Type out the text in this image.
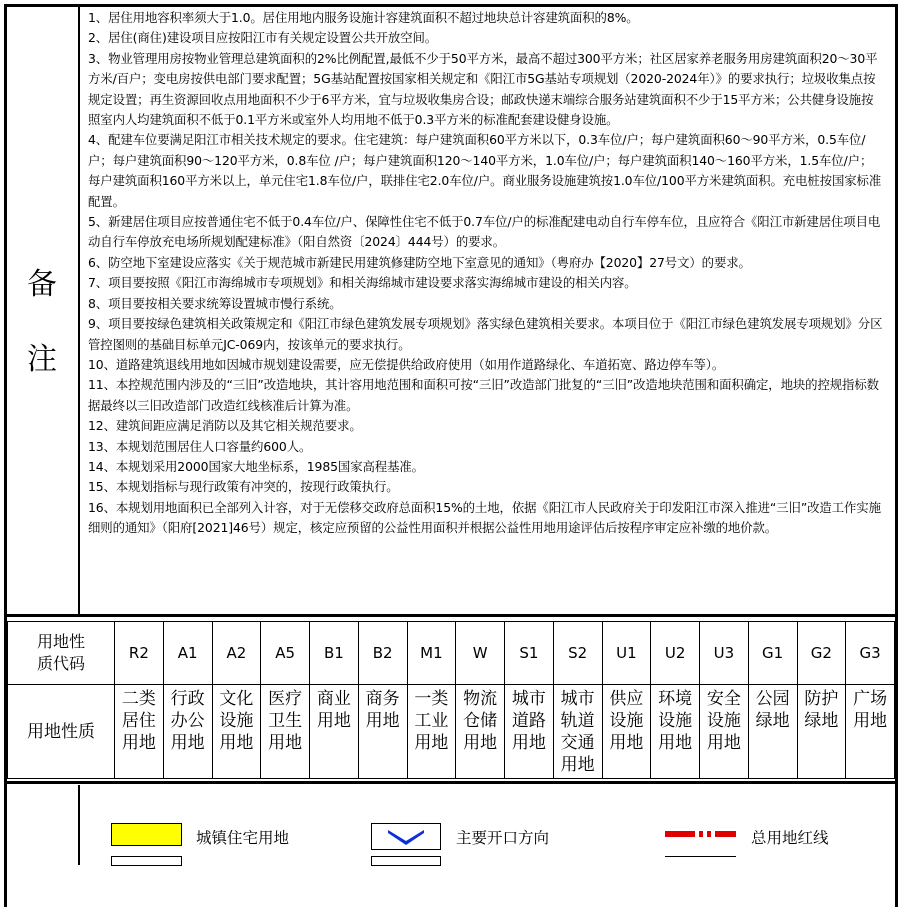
备
注
1、居住用地容积率须大于1.0。居住用地内服务设施计容建筑面积不超过地块总计容建筑面积的8%。
2、居住(商住)建设项目应按阳江市有关规定设置公共开放空间。
3、物业管理用房按物业管理总建筑面积的2%比例配置,最低不少于50平方米，最高不超过300平方米；社区居家养老服务用房建筑面积20～30平方米/百户；变电房按供电部门要求配置；5G基站配置按国家相关规定和《阳江市5G基站专项规划（2020-2024年）》的要求执行；垃圾收集点按规定设置；再生资源回收点用地面积不少于6平方米，宜与垃圾收集房合设；邮政快递末端综合服务站建筑面积不少于15平方米；公共健身设施按照室内人均建筑面积不低于0.1平方米或室外人均用地不低于0.3平方米的标准配套建设健身设施。
4、配建车位要满足阳江市相关技术规定的要求。住宅建筑：每户建筑面积60平方米以下，0.3车位/户；每户建筑面积60～90平方米，0.5车位/户；每户建筑面积90～120平方米，0.8车位 /户；每户建筑面积120～140平方米，1.0车位/户；每户建筑面积140～160平方米，1.5车位/户；每户建筑面积160平方米以上，单元住宅1.8车位/户，联排住宅2.0车位/户。商业服务设施建筑按1.0车位/100平方米建筑面积。充电桩按国家标准配置。
5、新建居住项目应按普通住宅不低于0.4车位/户、保障性住宅不低于0.7车位/户的标准配建电动自行车停车位，且应符合《阳江市新建居住项目电动自行车停放充电场所规划配建标准》（阳自然资〔2024〕444号）的要求。
6、防空地下室建设应落实《关于规范城市新建民用建筑修建防空地下室意见的通知》（粤府办【2020】27号文）的要求。
7、项目要按照《阳江市海绵城市专项规划》和相关海绵城市建设要求落实海绵城市建设的相关内容。
8、项目要按相关要求统筹设置城市慢行系统。
9、项目要按绿色建筑相关政策规定和《阳江市绿色建筑发展专项规划》落实绿色建筑相关要求。本项目位于《阳江市绿色建筑发展专项规划》分区管控图则的基础目标单元JC-069内，按该单元的要求执行。
10、道路建筑退线用地如因城市规划建设需要，应无偿提供给政府使用（如用作道路绿化、车道拓宽、路边停车等）。
11、本控规范围内涉及的“三旧”改造地块，其计容用地范围和面积可按“三旧”改造部门批复的“三旧”改造地块范围和面积确定，地块的控规指标数据最终以三旧改造部门改造红线核准后计算为准。
12、建筑间距应满足消防以及其它相关规范要求。
13、本规划范围居住人口容量约600人。
14、本规划采用2000国家大地坐标系，1985国家高程基准。
15、本规划指标与现行政策有冲突的，按现行政策执行。
16、本规划用地面积已全部列入计容，对于无偿移交政府总面积15%的土地，依据《阳江市人民政府关于印发阳江市深入推进“三旧”改造工作实施细则的通知》（阳府[2021]46号）规定，核定应预留的公益性用面积并根据公益性用地用途评估后按程序审定应补缴的地价款。
用地性
质代码	R2	A1	A2	A5	B1	B2	M1	W	S1	S2	U1	U2	U3	G1	G2	G3
用地性质	二类
居住
用地	行政
办公
用地	文化
设施
用地	医疗
卫生
用地	商业
用地	商务
用地	一类
工业
用地	物流
仓储
用地	城市
道路
用地	城市
轨道
交通
用地	供应
设施
用地	环境
设施
用地	安全
设施
用地	公园
绿地	防护
绿地	广场
用地
城镇住宅用地	主要开口方向	总用地红线
